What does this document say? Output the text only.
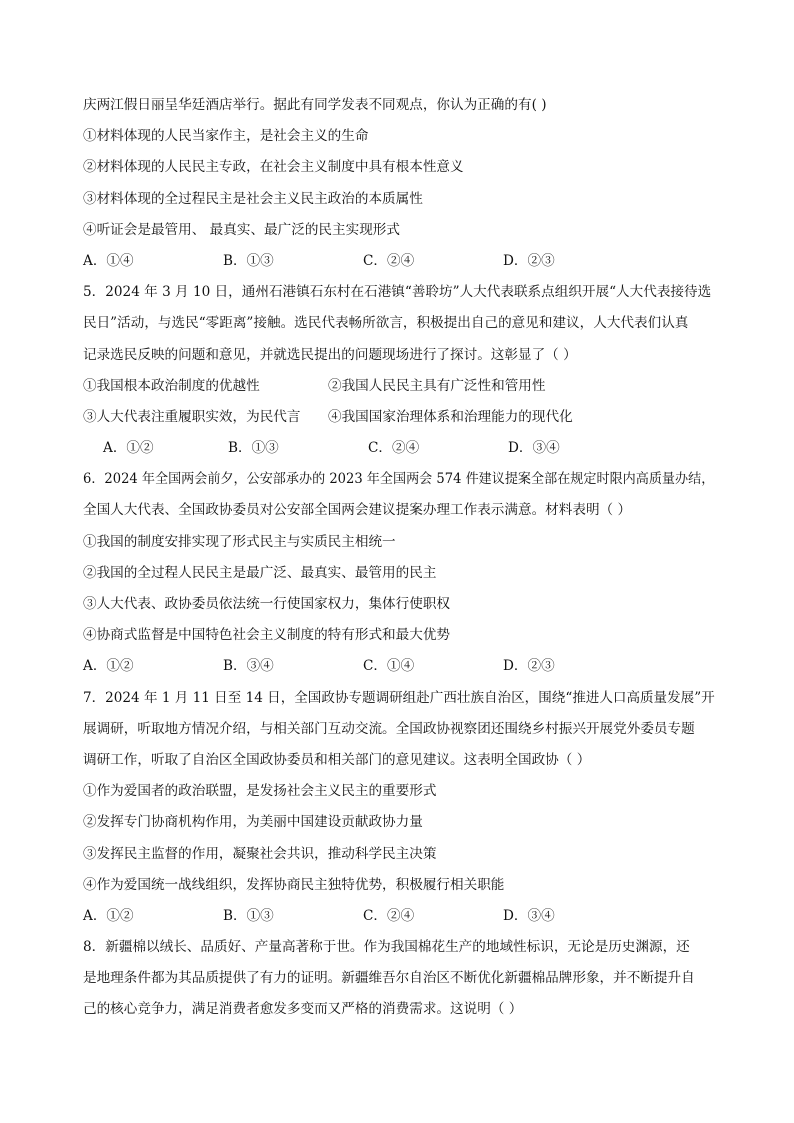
庆两江假日丽呈华廷酒店举行。据此有同学发表不同观点，你认为正确的有( )
①材料体现的人民当家作主，是社会主义的生命
②材料体现的人民民主专政，在社会主义制度中具有根本性意义
③材料体现的全过程民主是社会主义民主政治的本质属性
④听证会是最管用、 最真实、最广泛的民主实现形式
A．①④	B．①③	C．②④	D．②③
5．2024 年 3 月 10 日，通州石港镇石东村在石港镇“善聆坊”人大代表联系点组织开展“人大代表接待选
民日”活动，与选民“零距离”接触。选民代表畅所欲言，积极提出自己的意见和建议，人大代表们认真
记录选民反映的问题和意见，并就选民提出的问题现场进行了探讨。这彰显了（ ）
①我国根本政治制度的优越性	②我国人民民主具有广泛性和管用性
③人大代表注重履职实效，为民代言	④我国国家治理体系和治理能力的现代化
A．①②	B．①③	C．②④	D．③④
6．2024 年全国两会前夕，公安部承办的 2023 年全国两会 574 件建议提案全部在规定时限内高质量办结，
全国人大代表、全国政协委员对公安部全国两会建议提案办理工作表示满意。材料表明（ ）
①我国的制度安排实现了形式民主与实质民主相统一
②我国的全过程人民民主是最广泛、最真实、最管用的民主
③人大代表、政协委员依法统一行使国家权力，集体行使职权
④协商式监督是中国特色社会主义制度的特有形式和最大优势
A．①②	B．③④	C．①④	D．②③
7．2024 年 1 月 11 日至 14 日，全国政协专题调研组赴广西壮族自治区，围绕“推进人口高质量发展”开
展调研，听取地方情况介绍，与相关部门互动交流。全国政协视察团还围绕乡村振兴开展党外委员专题
调研工作，听取了自治区全国政协委员和相关部门的意见建议。这表明全国政协（ ）
①作为爱国者的政治联盟，是发扬社会主义民主的重要形式
②发挥专门协商机构作用，为美丽中国建设贡献政协力量
③发挥民主监督的作用，凝聚社会共识，推动科学民主决策
④作为爱国统一战线组织，发挥协商民主独特优势，积极履行相关职能
A．①②	B．①③	C．②④	D．③④
8．新疆棉以绒长、品质好、产量高著称于世。作为我国棉花生产的地域性标识，无论是历史渊源，还
是地理条件都为其品质提供了有力的证明。新疆维吾尔自治区不断优化新疆棉品牌形象，并不断提升自
己的核心竞争力，满足消费者愈发多变而又严格的消费需求。这说明（ ）
